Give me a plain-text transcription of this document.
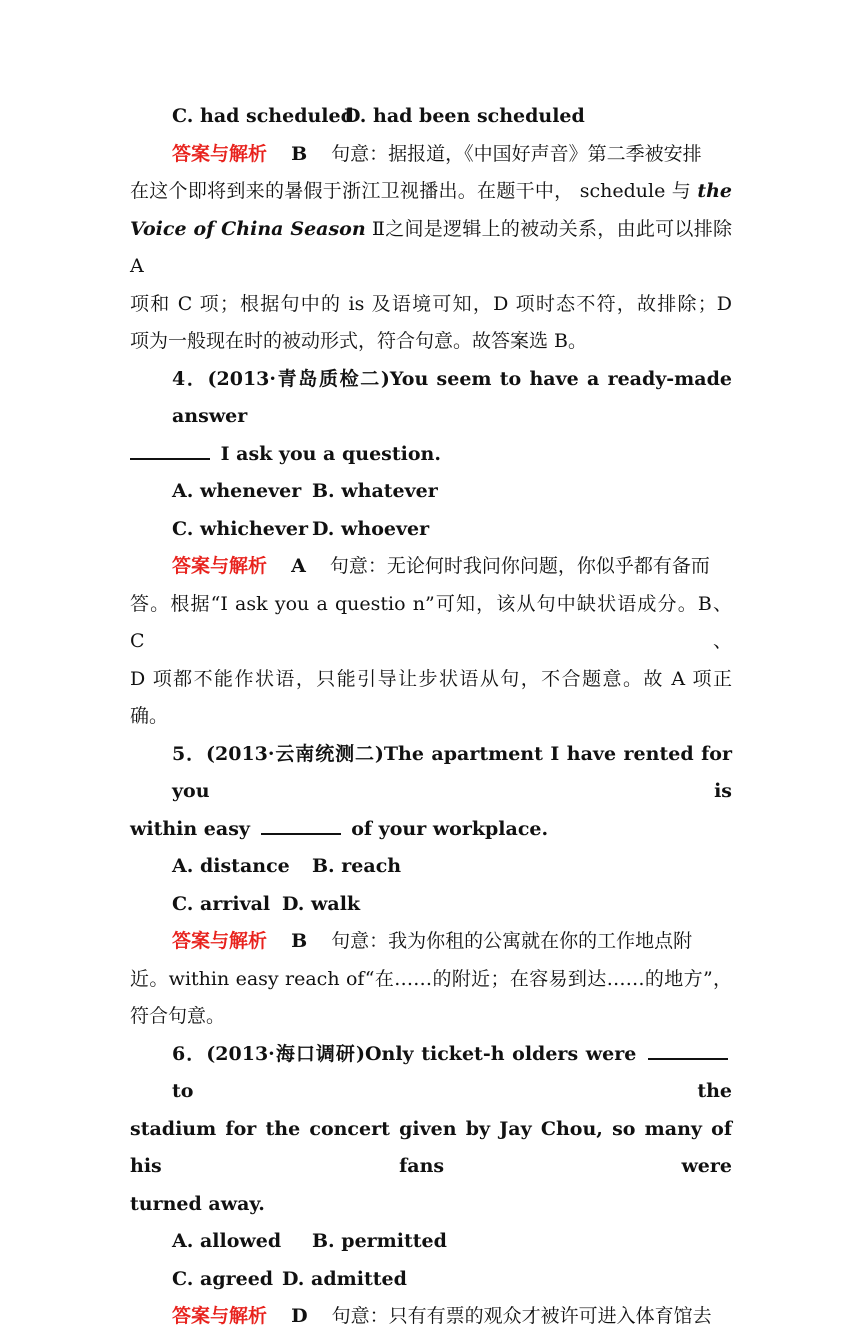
C. had scheduledD. had been scheduled
答案与解析 B 句意：据报道，《中国好声音》第二季被安排
在这个即将到来的暑假于浙江卫视播出。在题干中， schedule 与 the
Voice of China Season Ⅱ之间是逻辑上的被动关系，由此可以排除 A
项和 C 项；根据句中的 is 及语境可知，D 项时态不符，故排除；D
项为一般现在时的被动形式，符合句意。故答案选 B。
4．(2013·青岛质检二)You seem to have a ready-made answer
I ask you a question.
A. whenever B. whatever
C. whichever D. whoever
答案与解析 A 句意：无论何时我问你问题，你似乎都有备而
答。根据“I ask you a questio n”可知，该从句中缺状语成分。B、C、
D 项都不能作状语，只能引导让步状语从句，不合题意。故 A 项正
确。
5．(2013·云南统测二)The apartment I have rented for you is
within easy	of your workplace.
A. distance B. reach
C. arrival D. walk
答案与解析 B 句意：我为你租的公寓就在你的工作地点附
近。within easy reach of“在……的附近；在容易到达……的地方”，
符合句意。
6．(2013·海口调研)Only ticket-h olders were  to the
stadium for the concert given by Jay Chou, so many of his fans were
turned away.
A. allowed B. permitted
C. agreed D. admitted
答案与解析 D 句意：只有有票的观众才被许可进入体育馆去
